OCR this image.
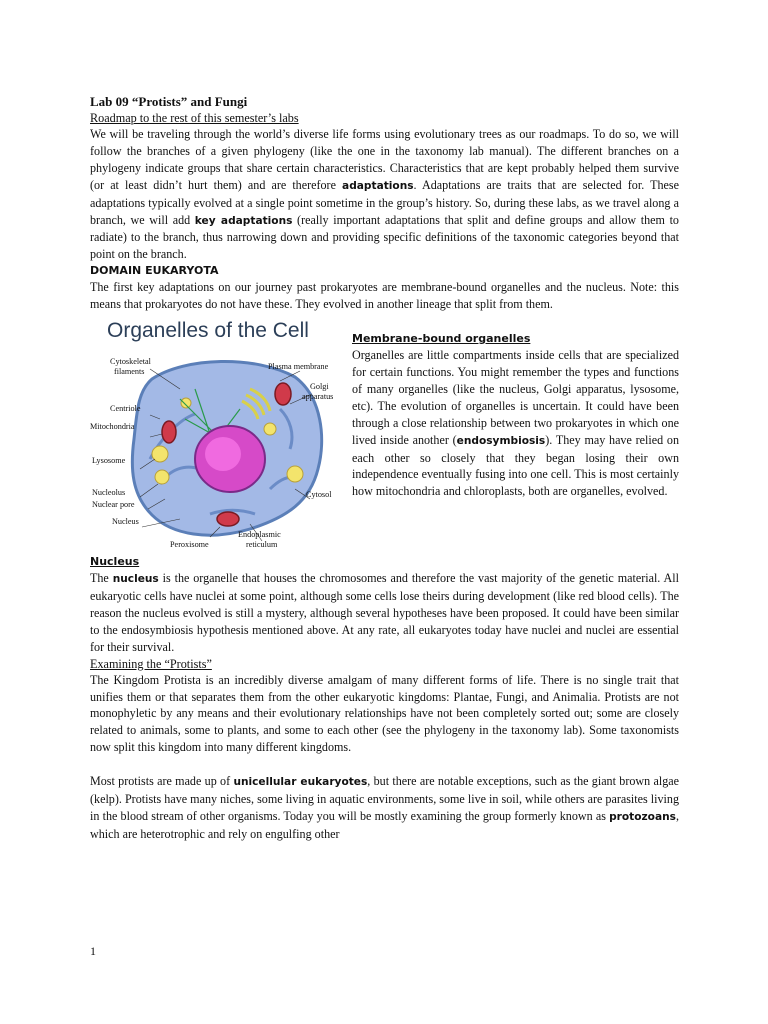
Lab 09 “Protists” and Fungi
Roadmap to the rest of this semester’s labs

We will be traveling through the world’s diverse life forms using evolutionary trees as our roadmaps. To do so, we will follow the branches of a given phylogeny (like the one in the taxonomy lab manual). The different branches on a phylogeny indicate groups that share certain characteristics. Characteristics that are kept probably helped them survive (or at least didn’t hurt them) and are therefore adaptations. Adaptations are traits that are selected for. These adaptations typically evolved at a single point sometime in the group’s history. So, during these labs, as we travel along a branch, we will add key adaptations (really important adaptations that split and define groups and allow them to radiate) to the branch, thus narrowing down and providing specific definitions of the taxonomic categories beyond that point on the branch.

DOMAIN EUKARYOTA

The first key adaptations on our journey past prokaryotes are membrane-bound organelles and the nucleus. Note: this means that prokaryotes do not have these. They evolved in another lineage that split from them.

Organelles of the Cell
Cytoskeletal
filaments
Plasma membrane
Golgi
apparatus
Centriole
Mitochondria
Lysosome
Nucleolus
Nuclear pore
Nucleus
Cytosol
Peroxisome
Endoplasmic
reticulum
Membrane-bound organelles

Organelles are little compartments inside cells that are specialized for certain functions. You might remember the types and functions of many organelles (like the nucleus, Golgi apparatus, lysosome, etc). The evolution of organelles is uncertain. It could have been through a close relationship between two prokaryotes in which one lived inside another (endosymbiosis). They may have relied on each other so closely that they began losing their own independence eventually fusing into one cell. This is most certainly how mitochondria and chloroplasts, both are organelles, evolved.

Nucleus

The nucleus is the organelle that houses the chromosomes and therefore the vast majority of the genetic material. All eukaryotic cells have nuclei at some point, although some cells lose theirs during development (like red blood cells). The reason the nucleus evolved is still a mystery, although several hypotheses have been proposed. It could have been similar to the endosymbiosis hypothesis mentioned above. At any rate, all eukaryotes today have nuclei and nuclei are essential for their survival.

Examining the “Protists”

The Kingdom Protista is an incredibly diverse amalgam of many different forms of life. There is no single trait that unifies them or that separates them from the other eukaryotic kingdoms: Plantae, Fungi, and Animalia. Protists are not monophyletic by any means and their evolutionary relationships have not been completely sorted out; some are closely related to animals, some to plants, and some to each other (see the phylogeny in the taxonomy lab). Some taxonomists now split this kingdom into many different kingdoms.

Most protists are made up of unicellular eukaryotes, but there are notable exceptions, such as the giant brown algae (kelp). Protists have many niches, some living in aquatic environments, some live in soil, while others are parasites living in the blood stream of other organisms. Today you will be mostly examining the group formerly known as protozoans, which are heterotrophic and rely on engulfing other

1
